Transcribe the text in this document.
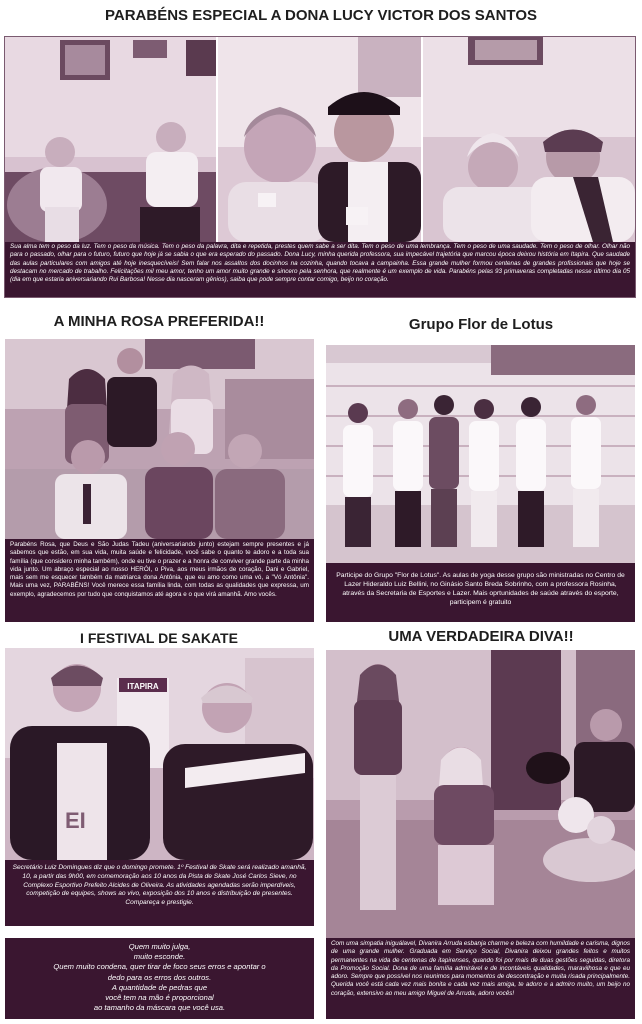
PARABÉNS ESPECIAL A DONA LUCY VICTOR DOS SANTOS
Sua alma tem o peso da luz. Tem o peso da música. Tem o peso da palavra, dita e repetida, prestes quem sabe a ser dita. Tem o peso de uma lembrança. Tem o peso de uma saudade. Tem o peso de olhar. Olhar não para o passado, olhar para o futuro, futuro que hoje já se sabia o que era esperado do passado. Dona Lucy, minha querida professora, sua impecável trajetória que marcou época deixou história em Itapira. Que saudade das aulas particulares com amigos até hoje inesquecíveis! Sem falar nos assaltos dos docinhos na cozinha, quando tocava a campainha. Essa grande mulher formou centenas de grandes profissionais que hoje se destacam no mercado de trabalho. Felicitações mil meu amor, tenho um amor muito grande e sincero pela senhora, que realmente é um exemplo de vida. Parabéns pelas 93 primaveras completadas nesse último dia 05 (dia em que estaria aniversariando Rui Barbosa! Nesse dia nasceram gênios), saiba que pode sempre contar comigo, beijo no coração.
A MINHA ROSA PREFERIDA!!
Parabéns Rosa, que Deus e São Judas Tadeu (aniversariando junto) estejam sempre presentes e já sabemos que estão, em sua vida, muita saúde e felicidade, você sabe o quanto te adoro e a toda sua família (que considero minha também), onde eu tive o prazer e a honra de conviver grande parte da minha vida junto. Um abraço especial ao nosso HERÓI, o Piva, aos meus irmãos de coração, Dani e Gabriel, mais sem me esquecer também da matriarca dona Antônia, que eu amo como uma vó, a "Vó Antônia". Mais uma vez, PARABÉNS! Você merece essa família linda, com todas as qualidades que expressa, um exemplo, agradecemos por tudo que conquistamos até agora e o que virá amanhã. Amo vocês.
Grupo Flor de Lotus
Participe do Grupo "Flor de Lotus". As aulas de yoga desse grupo são ministradas no Centro de Lazer Hideraldo Luiz Bellini, no Ginásio Santo Breda Sobrinho, com a professora Rosinha, através da Secretaria de Esportes e Lazer. Mais oprtunidades de saúde através do esporte, participem é gratuito
I FESTIVAL DE SAKATE
ITAPIRA
EI
Secretário Luiz Domingues diz que o domingo promete. 1º Festival de Skate será realizado amanhã, 10, a partir das 9h00, em comemoração aos 10 anos da Pista de Skate José Carlos Sieve, no Complexo Esportivo Prefeito Alcides de Oliveira. As atividades agendadas serão imperdíveis, competição de equipes, shows ao vivo, exposição dos 10 anos e distribuição de presentes. Compareça e prestigie.
Quem muito julga,
muito esconde.
Quem muito condena, quer tirar de foco seus erros e apontar o
dedo para os erros dos outros.
A quantidade de pedras que
você tem na mão é proporcional
ao tamanho da máscara que você usa.
UMA VERDADEIRA DIVA!!
Com uma simpatia iniguálavel, Divanira Arruda esbanja charme e beleza com humildade e carisma, dignos de uma grande mulher. Graduada em Serviço Social, Divanira deixou grandes feitos e muitos permanentes na vida de centenas de itapirenses, quando foi por mais de duas gestões seguidas, diretora da Promoção Social. Dona de uma família admirável e de incontáveis qualidades, maravilhosa e que eu adoro. Sempre que possível nos reunimos para momentos de descontração e muita risada principalmente. Querida você está cada vez mais bonita e cada vez mais amiga, te adoro e a admiro muito, um beijo no coração, extensivo ao meu amigo Miguel de Arruda, adoro vocês!
